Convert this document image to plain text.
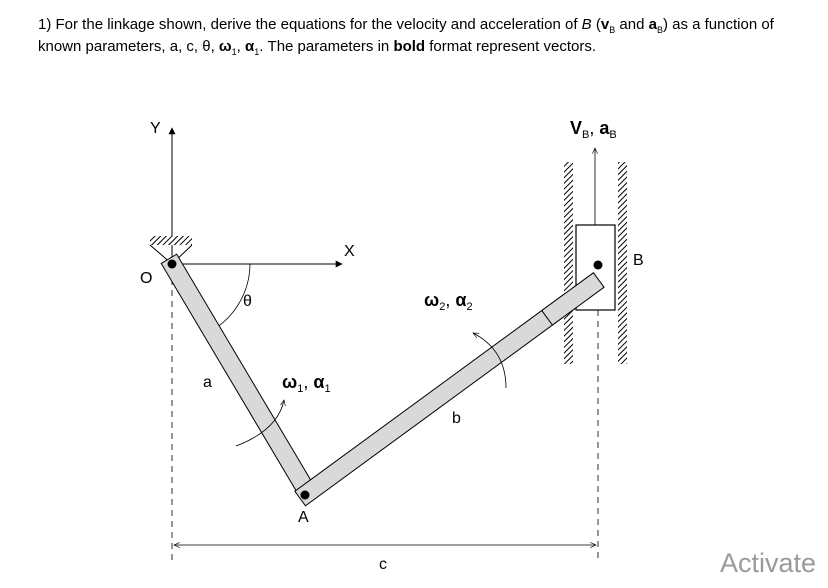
1) For the linkage shown, derive the equations for the velocity and acceleration of B ($v_B$ and $a_B$) as a function of known parameters, a, c, θ, $\omega_1$, $\alpha_1$. The parameters in bold format represent vectors.
Y
X
O
θ
a	$\omega_1$, $\alpha_1$
A
b
$\omega_2$, $\alpha_2$
B
$V_B$, $a_B$
c	Activate
